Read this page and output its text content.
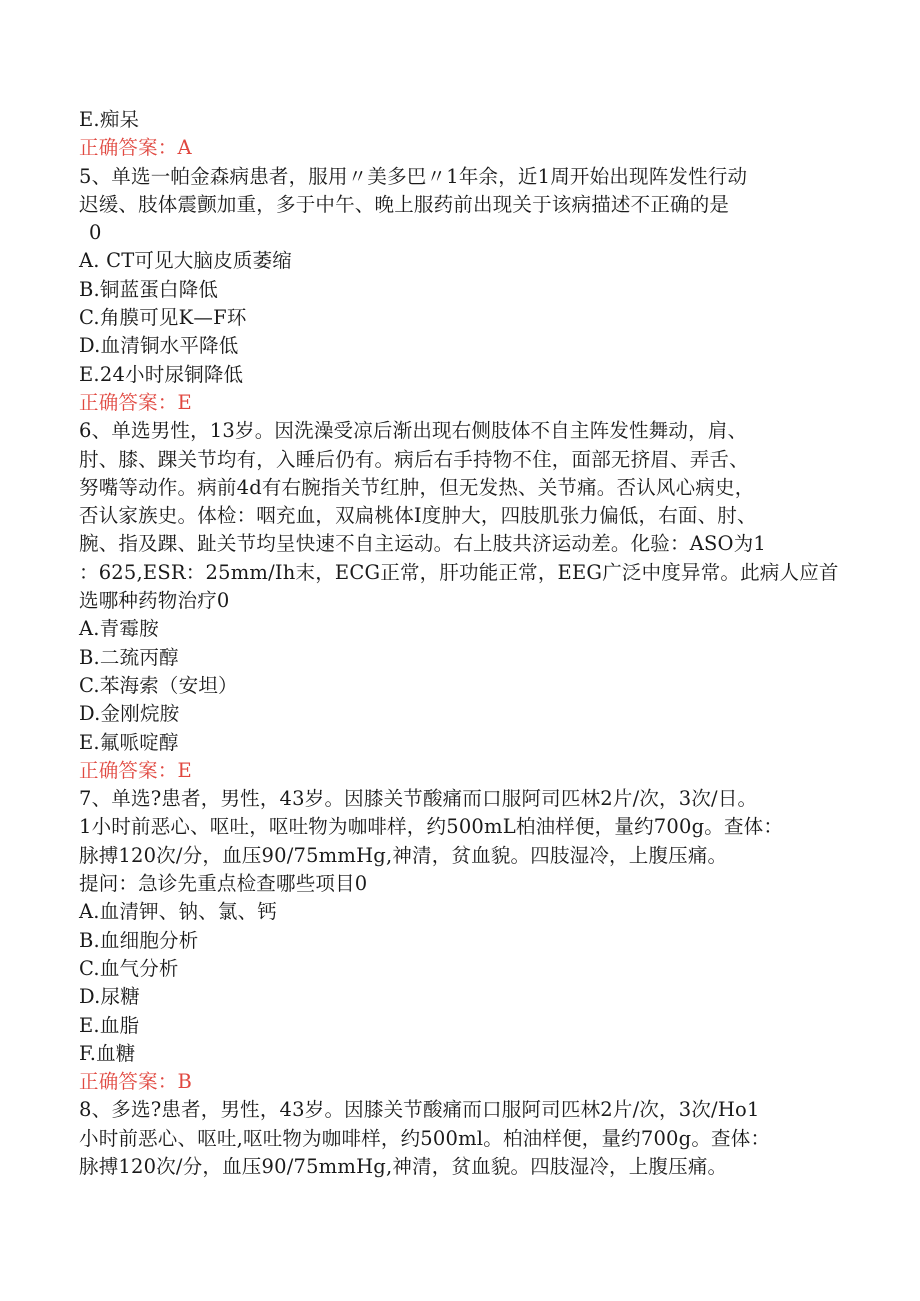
E.痴呆
正确答案：A
5、单选一帕金森病患者，服用〃美多巴〃1年余，近1周开始出现阵发性行动
迟缓、肢体震颤加重，多于中午、晚上服药前出现关于该病描述不正确的是
0
A. CT可见大脑皮质萎缩
B.铜蓝蛋白降低
C.角膜可见K—F环
D.血清铜水平降低
E.24小时尿铜降低
正确答案：E
6、单选男性，13岁。因洗澡受凉后渐出现右侧肢体不自主阵发性舞动，肩、
肘、膝、踝关节均有，入睡后仍有。病后右手持物不住，面部无挤眉、弄舌、
努嘴等动作。病前4d有右腕指关节红肿，但无发热、关节痛。否认风心病史，
否认家族史。体检：咽充血，双扁桃体I度肿大，四肢肌张力偏低，右面、肘、
腕、指及踝、趾关节均呈快速不自主运动。右上肢共济运动差。化验：ASO为1
：625,ESR：25mm/Ih末，ECG正常，肝功能正常，EEG广泛中度异常。此病人应首
选哪种药物治疗0
A.青霉胺
B.二巯丙醇
C.苯海索（安坦）
D.金刚烷胺
E.氟哌啶醇
正确答案：E
7、单选?患者，男性，43岁。因膝关节酸痛而口服阿司匹林2片/次，3次/日。
1小时前恶心、呕吐，呕吐物为咖啡样，约500mL柏油样便，量约700g。查体：
脉搏120次/分，血压90/75mmHg,神清，贫血貌。四肢湿冷，上腹压痛。
提问：急诊先重点检查哪些项目0
A.血清钾、钠、氯、钙
B.血细胞分析
C.血气分析
D.尿糖
E.血脂
F.血糖
正确答案：B
8、多选?患者，男性，43岁。因膝关节酸痛而口服阿司匹林2片/次，3次/Ho1
小时前恶心、呕吐,呕吐物为咖啡样，约500ml。柏油样便，量约700g。查体：
脉搏120次/分，血压90/75mmHg,神清，贫血貌。四肢湿冷，上腹压痛。
